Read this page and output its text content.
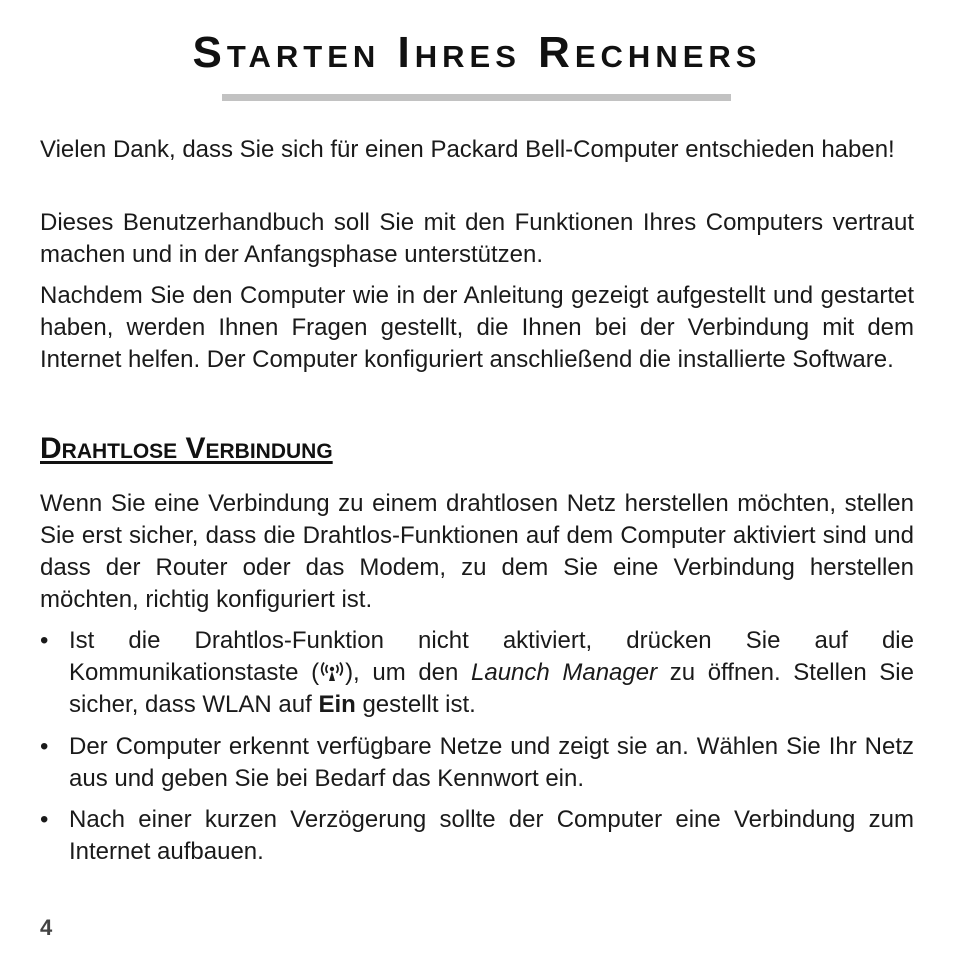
Starten Ihres Rechners

Vielen Dank, dass Sie sich für einen Packard Bell-Computer entschieden haben!

Dieses Benutzerhandbuch soll Sie mit den Funktionen Ihres Computers vertraut machen und in der Anfangsphase unterstützen.

Nachdem Sie den Computer wie in der Anleitung gezeigt aufgestellt und gestartet haben, werden Ihnen Fragen gestellt, die Ihnen bei der Verbindung mit dem Internet helfen. Der Computer konfiguriert anschließend die installierte Software.

Drahtlose Verbindung

Wenn Sie eine Verbindung zu einem drahtlosen Netz herstellen möchten, stellen Sie erst sicher, dass die Drahtlos-Funktionen auf dem Computer aktiviert sind und dass der Router oder das Modem, zu dem Sie eine Verbindung herstellen möchten, richtig konfiguriert ist.

• Ist die Drahtlos-Funktion nicht aktiviert, drücken Sie auf die Kommunikationstaste ( ), um den Launch Manager zu öffnen. Stellen Sie sicher, dass WLAN auf Ein gestellt ist.
• Der Computer erkennt verfügbare Netze und zeigt sie an. Wählen Sie Ihr Netz aus und geben Sie bei Bedarf das Kennwort ein.
• Nach einer kurzen Verzögerung sollte der Computer eine Verbindung zum Internet aufbauen.

4
